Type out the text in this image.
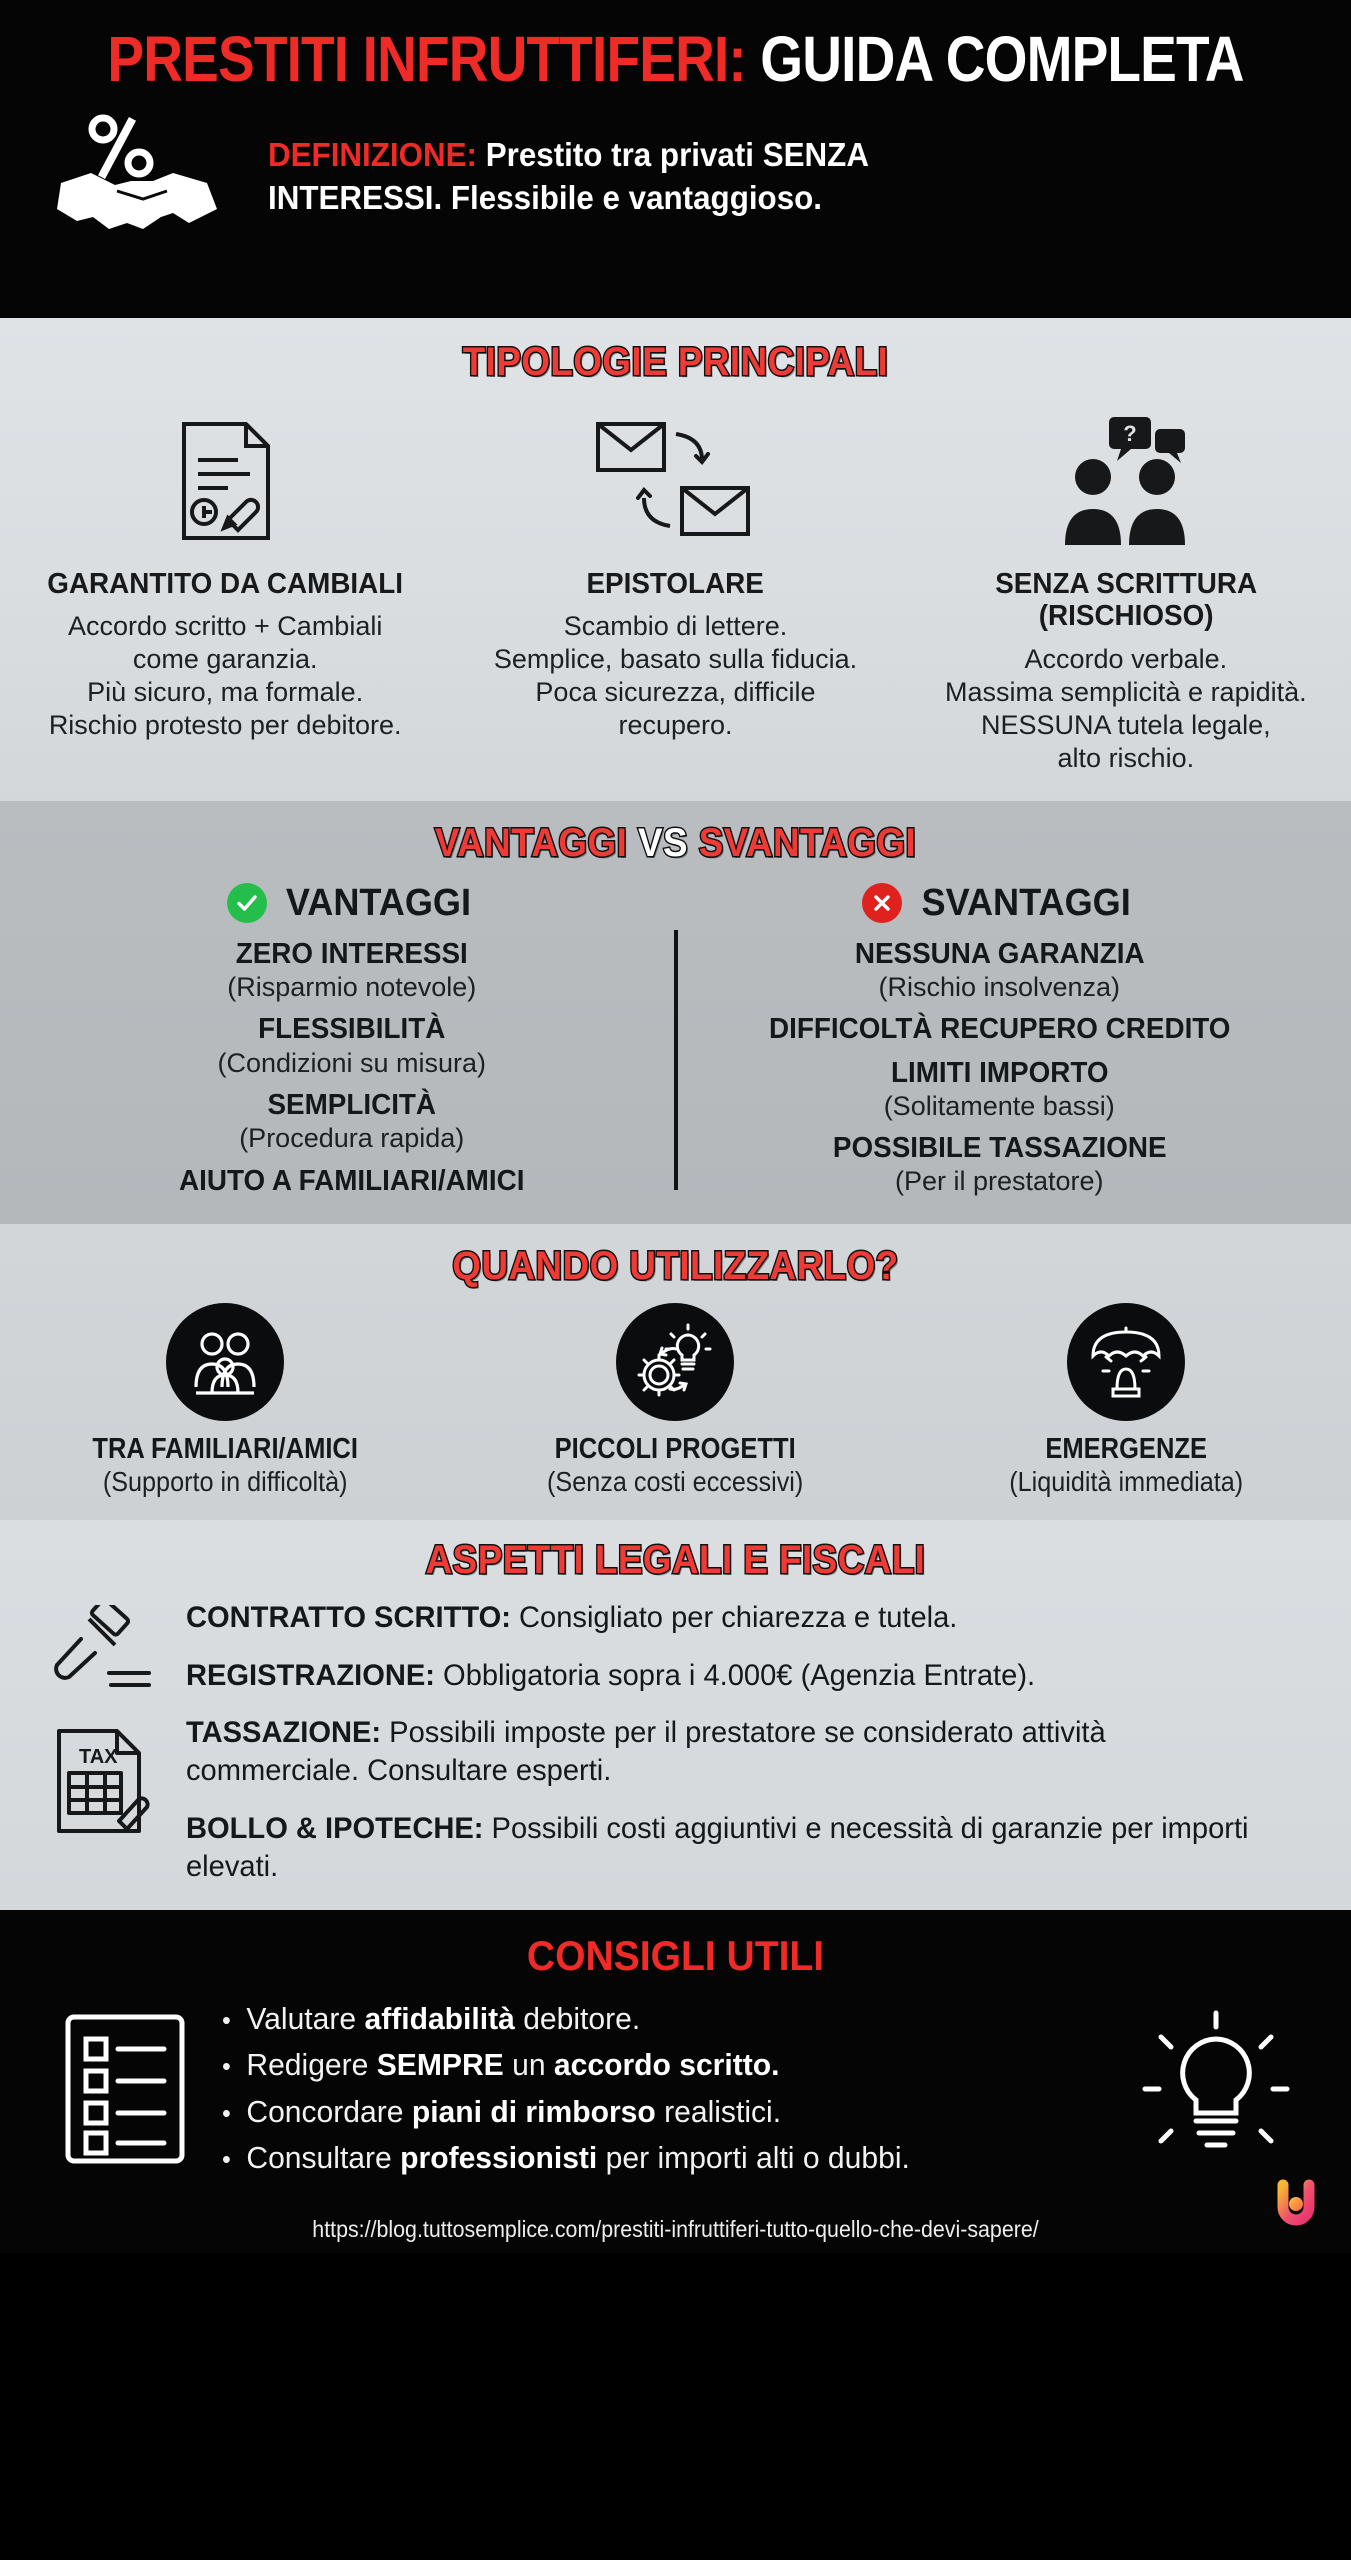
PRESTITI INFRUTTIFERI: GUIDA COMPLETA
DEFINIZIONE: Prestito tra privati SENZA
INTERESSI. Flessibile e vantaggioso.
TIPOLOGIE PRINCIPALI
GARANTITO DA CAMBIALI
Accordo scritto + Cambiali
come garanzia.
Più sicuro, ma formale.
Rischio protesto per debitore.
EPISTOLARE
Scambio di lettere.
Semplice, basato sulla fiducia.
Poca sicurezza, difficile
recupero.
?
SENZA SCRITTURA (RISCHIOSO)
Accordo verbale.
Massima semplicità e rapidità.
NESSUNA tutela legale,
alto rischio.
VANTAGGI VS SVANTAGGI
VANTAGGI
ZERO INTERESSI
(Risparmio notevole)
FLESSIBILITÀ
(Condizioni su misura)
SEMPLICITÀ
(Procedura rapida)
AIUTO A FAMILIARI/AMICI
SVANTAGGI
NESSUNA GARANZIA
(Rischio insolvenza)
DIFFICOLTÀ RECUPERO CREDITO
LIMITI IMPORTO
(Solitamente bassi)
POSSIBILE TASSAZIONE
(Per il prestatore)
QUANDO UTILIZZARLO?
TRA FAMILIARI/AMICI
(Supporto in difficoltà)
PICCOLI PROGETTI
(Senza costi eccessivi)
EMERGENZE
(Liquidità immediata)
ASPETTI LEGALI E FISCALI
TAX
CONTRATTO SCRITTO: Consigliato per chiarezza e tutela.
REGISTRAZIONE: Obbligatoria sopra i 4.000€ (Agenzia Entrate).
TASSAZIONE: Possibili imposte per il prestatore se considerato attività commerciale. Consultare esperti.
BOLLO & IPOTECHE: Possibili costi aggiuntivi e necessità di garanzie per importi elevati.
CONSIGLI UTILI
• Valutare affidabilità debitore.
• Redigere SEMPRE un accordo scritto.
• Concordare piani di rimborso realistici.
• Consultare professionisti per importi alti o dubbi.
https://blog.tuttosemplice.com/prestiti-infruttiferi-tutto-quello-che-devi-sapere/
